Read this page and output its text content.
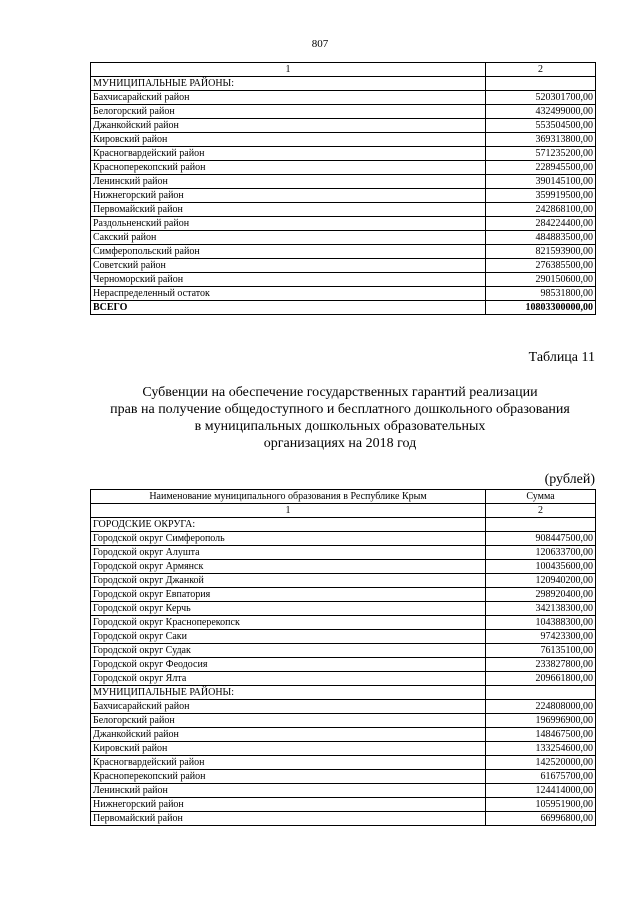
807
1	2
МУНИЦИПАЛЬНЫЕ РАЙОНЫ:	
Бахчисарайский район	520301700,00
Белогорский район	432499000,00
Джанкойский район	553504500,00
Кировский район	369313800,00
Красногвардейский район	571235200,00
Красноперекопский район	228945500,00
Ленинский район	390145100,00
Нижнегорский район	359919500,00
Первомайский район	242868100,00
Раздольненский район	284224400,00
Сакский район	484883500,00
Симферопольский район	821593900,00
Советский район	276385500,00
Черноморский район	290150600,00
Нераспределенный остаток	98531800,00
ВСЕГО	10803300000,00
Таблица 11
Субвенции на обеспечение государственных гарантий реализации
прав на получение общедоступного и бесплатного дошкольного образования
в муниципальных дошкольных образовательных
организациях на 2018 год
(рублей)
Наименование муниципального образования в Республике Крым	Сумма
1	2
ГОРОДСКИЕ ОКРУГА:	
Городской округ Симферополь	908447500,00
Городской округ Алушта	120633700,00
Городской округ Армянск	100435600,00
Городской округ Джанкой	120940200,00
Городской округ Евпатория	298920400,00
Городской округ Керчь	342138300,00
Городской округ Красноперекопск	104388300,00
Городской округ Саки	97423300,00
Городской округ Судак	76135100,00
Городской округ Феодосия	233827800,00
Городской округ Ялта	209661800,00
МУНИЦИПАЛЬНЫЕ РАЙОНЫ:	
Бахчисарайский район	224808000,00
Белогорский район	196996900,00
Джанкойский район	148467500,00
Кировский район	133254600,00
Красногвардейский район	142520000,00
Красноперекопский район	61675700,00
Ленинский район	124414000,00
Нижнегорский район	105951900,00
Первомайский район	66996800,00
